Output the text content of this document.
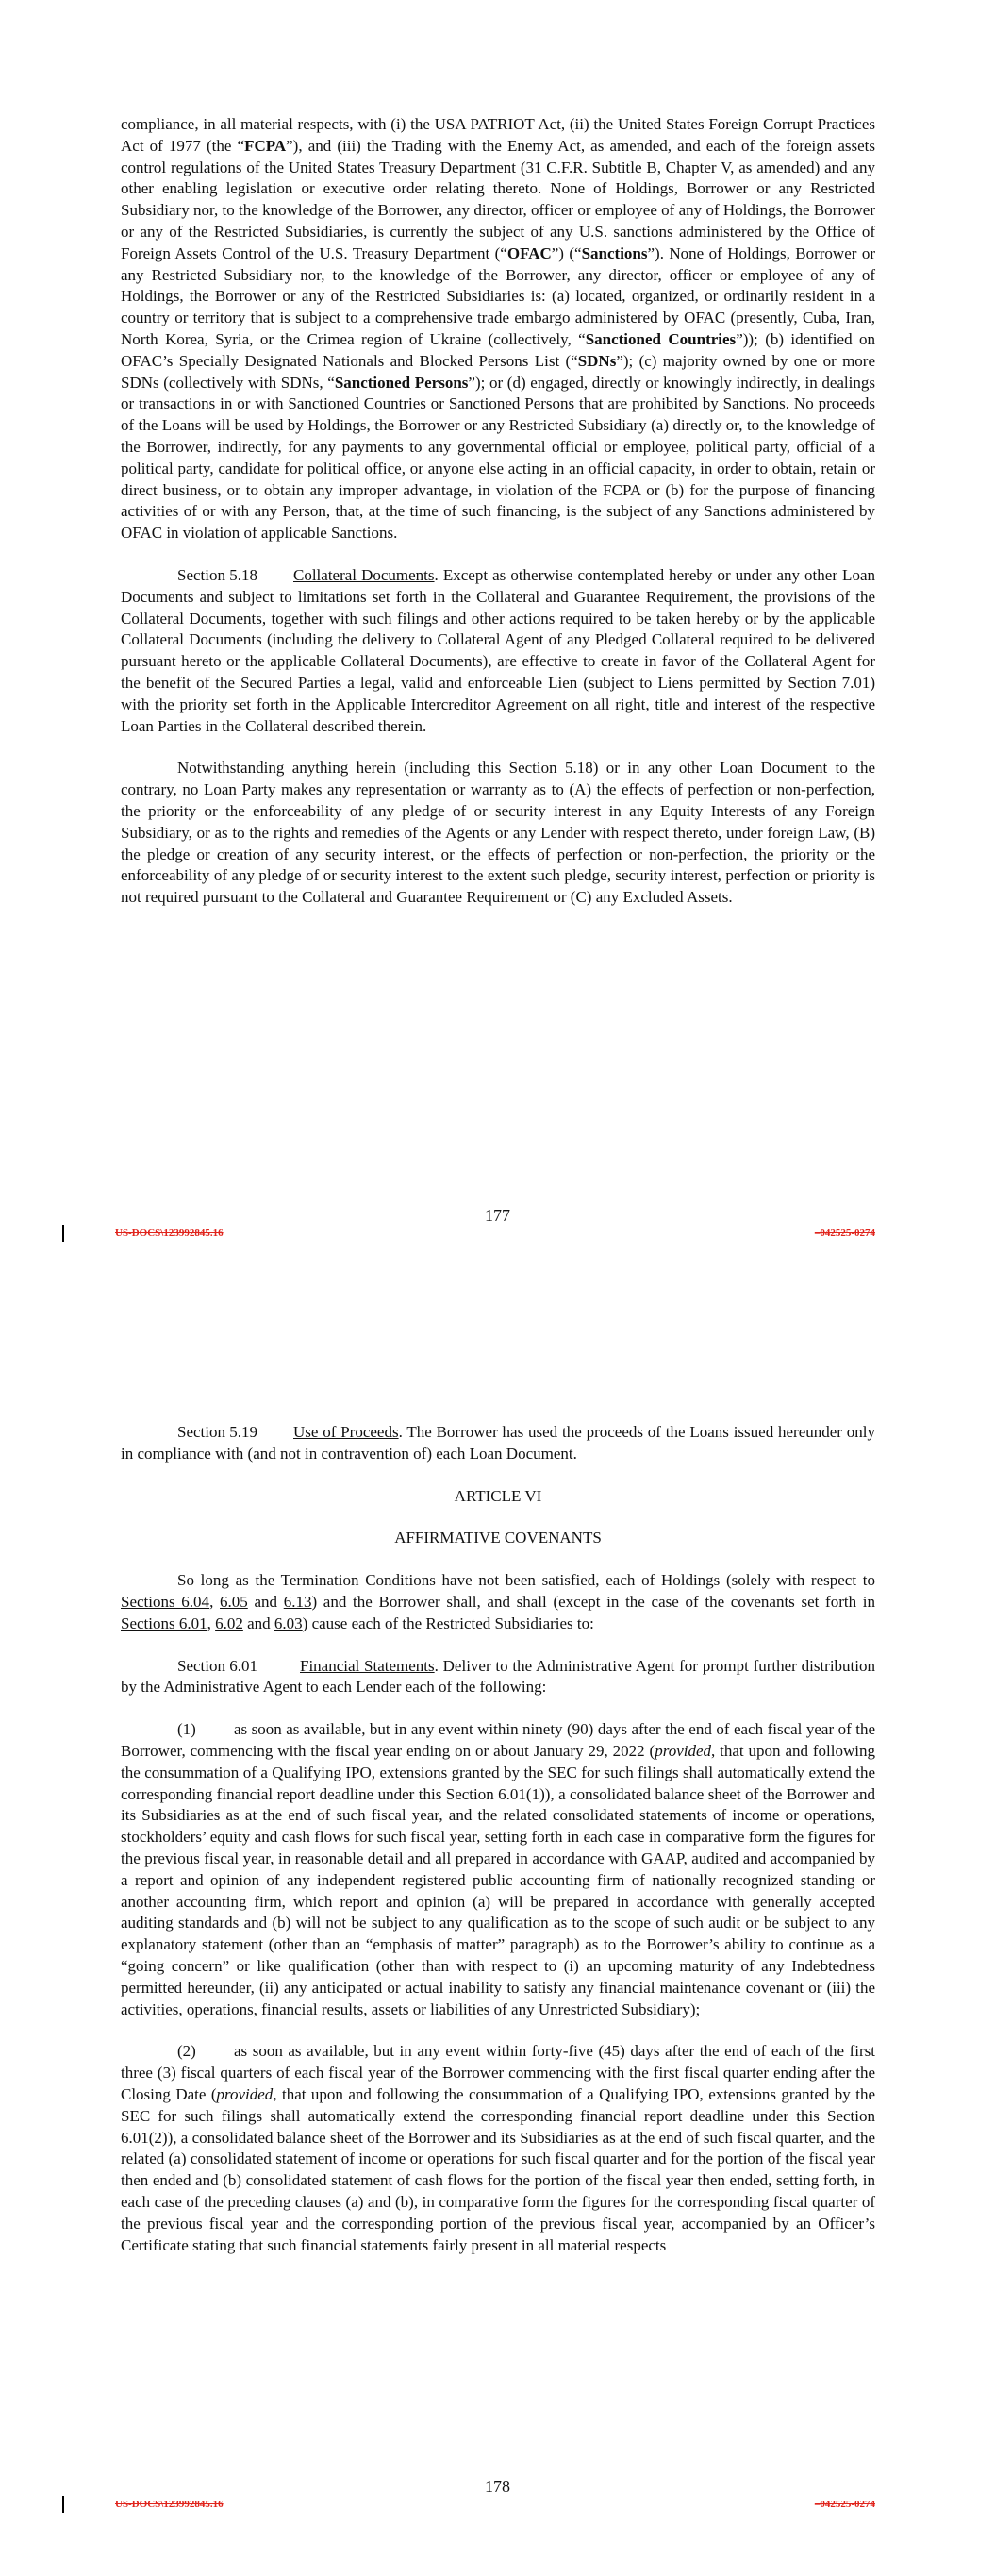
compliance, in all material respects, with (i) the USA PATRIOT Act, (ii) the United States Foreign Corrupt Practices Act of 1977 (the “FCPA”), and (iii) the Trading with the Enemy Act, as amended, and each of the foreign assets control regulations of the United States Treasury Department (31 C.F.R. Subtitle B, Chapter V, as amended) and any other enabling legislation or executive order relating thereto. None of Holdings, Borrower or any Restricted Subsidiary nor, to the knowledge of the Borrower, any director, officer or employee of any of Holdings, the Borrower or any of the Restricted Subsidiaries, is currently the subject of any U.S. sanctions administered by the Office of Foreign Assets Control of the U.S. Treasury Department (“OFAC”) (“Sanctions”). None of Holdings, Borrower or any Restricted Subsidiary nor, to the knowledge of the Borrower, any director, officer or employee of any of Holdings, the Borrower or any of the Restricted Subsidiaries is: (a) located, organized, or ordinarily resident in a country or territory that is subject to a comprehensive trade embargo administered by OFAC (presently, Cuba, Iran, North Korea, Syria, or the Crimea region of Ukraine (collectively, “Sanctioned Countries”)); (b) identified on OFAC’s Specially Designated Nationals and Blocked Persons List (“SDNs”); (c) majority owned by one or more SDNs (collectively with SDNs, “Sanctioned Persons”); or (d) engaged, directly or knowingly indirectly, in dealings or transactions in or with Sanctioned Countries or Sanctioned Persons that are prohibited by Sanctions. No proceeds of the Loans will be used by Holdings, the Borrower or any Restricted Subsidiary (a) directly or, to the knowledge of the Borrower, indirectly, for any payments to any governmental official or employee, political party, official of a political party, candidate for political office, or anyone else acting in an official capacity, in order to obtain, retain or direct business, or to obtain any improper advantage, in violation of the FCPA or (b) for the purpose of financing activities of or with any Person, that, at the time of such financing, is the subject of any Sanctions administered by OFAC in violation of applicable Sanctions.

Section 5.18 Collateral Documents. Except as otherwise contemplated hereby or under any other Loan Documents and subject to limitations set forth in the Collateral and Guarantee Requirement, the provisions of the Collateral Documents, together with such filings and other actions required to be taken hereby or by the applicable Collateral Documents (including the delivery to Collateral Agent of any Pledged Collateral required to be delivered pursuant hereto or the applicable Collateral Documents), are effective to create in favor of the Collateral Agent for the benefit of the Secured Parties a legal, valid and enforceable Lien (subject to Liens permitted by Section 7.01) with the priority set forth in the Applicable Intercreditor Agreement on all right, title and interest of the respective Loan Parties in the Collateral described therein.

Notwithstanding anything herein (including this Section 5.18) or in any other Loan Document to the contrary, no Loan Party makes any representation or warranty as to (A) the effects of perfection or non-perfection, the priority or the enforceability of any pledge of or security interest in any Equity Interests of any Foreign Subsidiary, or as to the rights and remedies of the Agents or any Lender with respect thereto, under foreign Law, (B) the pledge or creation of any security interest, or the effects of perfection or non-perfection, the priority or the enforceability of any pledge of or security interest to the extent such pledge, security interest, perfection or priority is not required pursuant to the Collateral and Guarantee Requirement or (C) any Excluded Assets.

177
US-DOCS\123992845.16	–042525-0274

Section 5.19 Use of Proceeds. The Borrower has used the proceeds of the Loans issued hereunder only in compliance with (and not in contravention of) each Loan Document.

ARTICLE VI

AFFIRMATIVE COVENANTS

So long as the Termination Conditions have not been satisfied, each of Holdings (solely with respect to Sections 6.04, 6.05 and 6.13) and the Borrower shall, and shall (except in the case of the covenants set forth in Sections 6.01, 6.02 and 6.03) cause each of the Restricted Subsidiaries to:

Section 6.01	Financial Statements. Deliver to the Administrative Agent for prompt further distribution by the Administrative Agent to each Lender each of the following:

(1) as soon as available, but in any event within ninety (90) days after the end of each fiscal year of the Borrower, commencing with the fiscal year ending on or about January 29, 2022 (provided, that upon and following the consummation of a Qualifying IPO, extensions granted by the SEC for such filings shall automatically extend the corresponding financial report deadline under this Section 6.01(1)), a consolidated balance sheet of the Borrower and its Subsidiaries as at the end of such fiscal year, and the related consolidated statements of income or operations, stockholders’ equity and cash flows for such fiscal year, setting forth in each case in comparative form the figures for the previous fiscal year, in reasonable detail and all prepared in accordance with GAAP, audited and accompanied by a report and opinion of any independent registered public accounting firm of nationally recognized standing or another accounting firm, which report and opinion (a) will be prepared in accordance with generally accepted auditing standards and (b) will not be subject to any qualification as to the scope of such audit or be subject to any explanatory statement (other than an “emphasis of matter” paragraph) as to the Borrower’s ability to continue as a “going concern” or like qualification (other than with respect to (i) an upcoming maturity of any Indebtedness permitted hereunder, (ii) any anticipated or actual inability to satisfy any financial maintenance covenant or (iii) the activities, operations, financial results, assets or liabilities of any Unrestricted Subsidiary);

(2) as soon as available, but in any event within forty-five (45) days after the end of each of the first three (3) fiscal quarters of each fiscal year of the Borrower commencing with the first fiscal quarter ending after the Closing Date (provided, that upon and following the consummation of a Qualifying IPO, extensions granted by the SEC for such filings shall automatically extend the corresponding financial report deadline under this Section 6.01(2)), a consolidated balance sheet of the Borrower and its Subsidiaries as at the end of such fiscal quarter, and the related (a) consolidated statement of income or operations for such fiscal quarter and for the portion of the fiscal year then ended and (b) consolidated statement of cash flows for the portion of the fiscal year then ended, setting forth, in each case of the preceding clauses (a) and (b), in comparative form the figures for the corresponding fiscal quarter of the previous fiscal year and the corresponding portion of the previous fiscal year, accompanied by an Officer’s Certificate stating that such financial statements fairly present in all material respects

178
US-DOCS\123992845.16	–042525-0274
